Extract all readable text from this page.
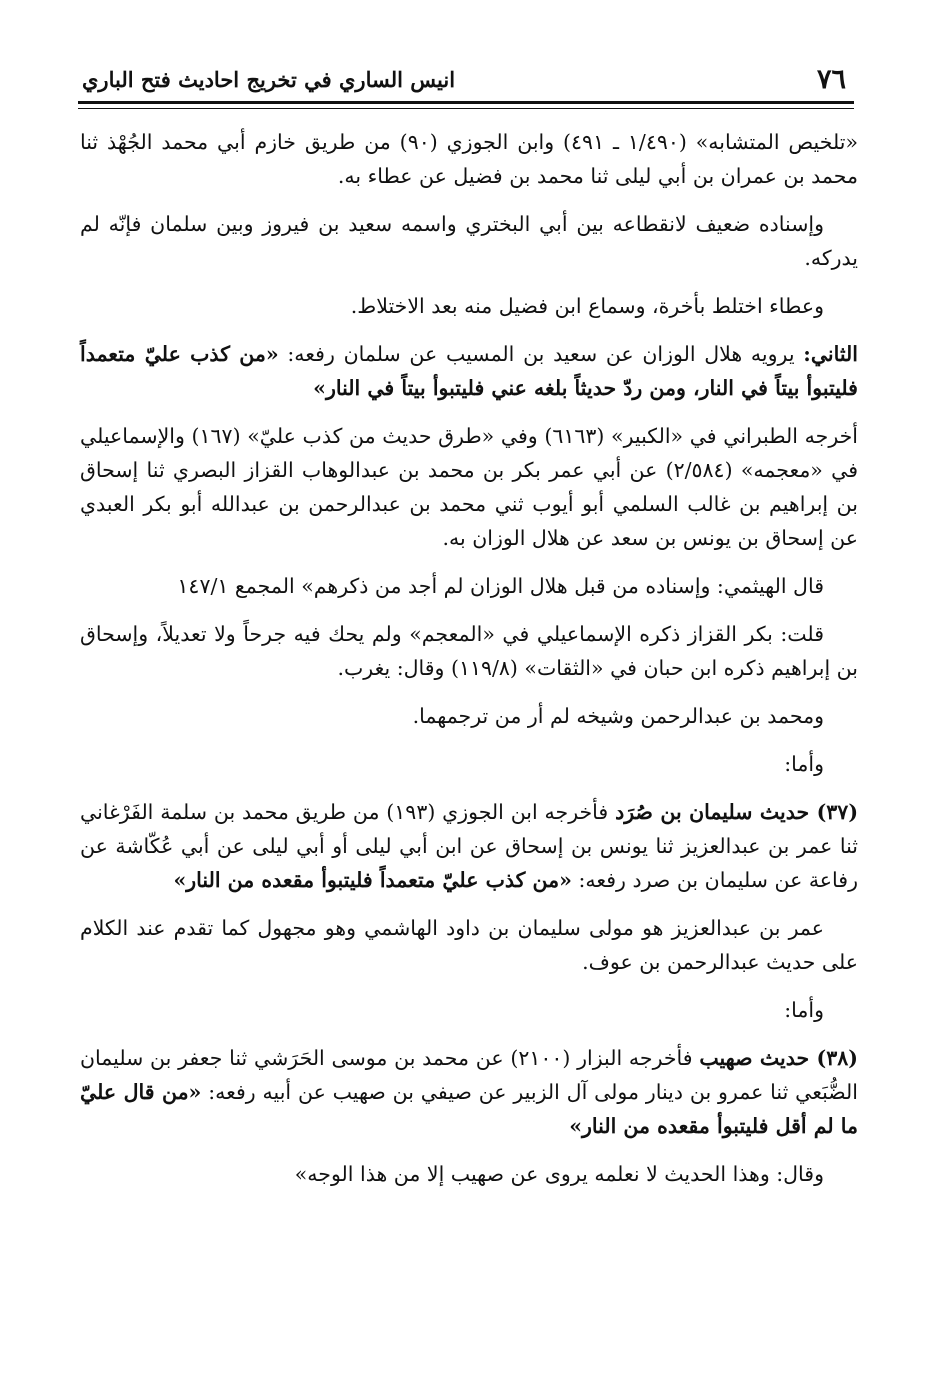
٧٦
انيس الساري في تخريج احاديث فتح الباري

«تلخيص المتشابه» (١/٤٩٠ ـ ٤٩١) وابن الجوزي (٩٠) من طريق خازم أبي محمد الجُهْذ ثنا محمد بن عمران بن أبي ليلى ثنا محمد بن فضيل عن عطاء به.

وإسناده ضعيف لانقطاعه بين أبي البختري واسمه سعيد بن فيروز وبين سلمان فإنّه لم يدركه.

وعطاء اختلط بأخرة، وسماع ابن فضيل منه بعد الاختلاط.

الثاني: يرويه هلال الوزان عن سعيد بن المسيب عن سلمان رفعه: «من كذب عليّ متعمداً فليتبوأ بيتاً في النار، ومن ردّ حديثاً بلغه عني فليتبوأ بيتاً في النار»

أخرجه الطبراني في «الكبير» (٦١٦٣) وفي «طرق حديث من كذب عليّ» (١٦٧) والإسماعيلي في «معجمه» (٢/٥٨٤) عن أبي عمر بكر بن محمد بن عبدالوهاب القزاز البصري ثنا إسحاق بن إبراهيم بن غالب السلمي أبو أيوب ثني محمد بن عبدالرحمن بن عبدالله أبو بكر العبدي عن إسحاق بن يونس بن سعد عن هلال الوزان به.

قال الهيثمي: وإسناده من قبل هلال الوزان لم أجد من ذكرهم» المجمع ١٤٧/١

قلت: بكر القزاز ذكره الإسماعيلي في «المعجم» ولم يحك فيه جرحاً ولا تعديلاً، وإسحاق بن إبراهيم ذكره ابن حبان في «الثقات» (١١٩/٨) وقال: يغرب.

ومحمد بن عبدالرحمن وشيخه لم أر من ترجمهما.

وأما:

(٣٧) حديث سليمان بن صُرَد فأخرجه ابن الجوزي (١٩٣) من طريق محمد بن سلمة الفَرْغاني ثنا عمر بن عبدالعزيز ثنا يونس بن إسحاق عن ابن أبي ليلى أو أبي ليلى عن أبي عُكّاشة عن رفاعة عن سليمان بن صرد رفعه: «من كذب عليّ متعمداً فليتبوأ مقعده من النار»

عمر بن عبدالعزيز هو مولى سليمان بن داود الهاشمي وهو مجهول كما تقدم عند الكلام على حديث عبدالرحمن بن عوف.

وأما:

(٣٨) حديث صهيب فأخرجه البزار (٢١٠٠) عن محمد بن موسى الحَرَشي ثنا جعفر بن سليمان الضُّبَعي ثنا عمرو بن دينار مولى آل الزبير عن صيفي بن صهيب عن أبيه رفعه: «من قال عليّ ما لم أقل فليتبوأ مقعده من النار»

وقال: وهذا الحديث لا نعلمه يروى عن صهيب إلا من هذا الوجه»
